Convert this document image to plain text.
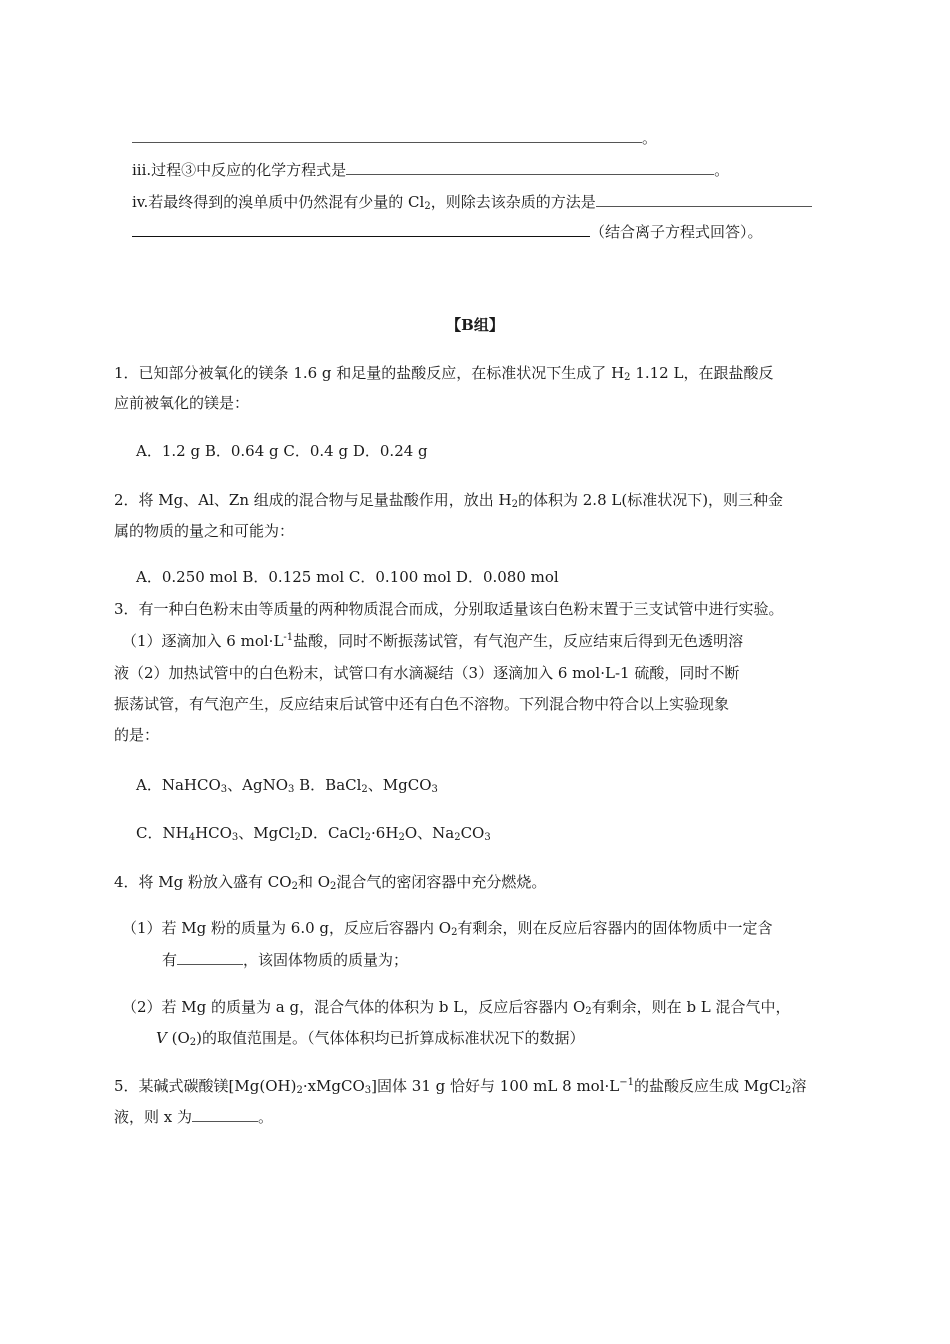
。
iii.过程③中反应的化学方程式是	。
iv.若最终得到的溴单质中仍然混有少量的 $Cl_2$，则除去该杂质的方法是
（结合离子方程式回答）。
【B组】
1．已知部分被氧化的镁条 1.6 g 和足量的盐酸反应，在标准状况下生成了 $H_2$ 1.12 L，在跟盐酸反
应前被氧化的镁是：
A．1.2 g B．0.64 g C．0.4 g D．0.24 g
2．将 Mg、Al、Zn 组成的混合物与足量盐酸作用，放出 $H_2$的体积为 2.8 L(标准状况下)，则三种金
属的物质的量之和可能为：
A．0.250 mol B．0.125 mol C．0.100 mol D．0.080 mol
3．有一种白色粉末由等质量的两种物质混合而成，分别取适量该白色粉末置于三支试管中进行实验。
（1）逐滴加入 6 $mol\cdot L^{-1}$盐酸，同时不断振荡试管，有气泡产生，反应结束后得到无色透明溶
液（2）加热试管中的白色粉末，试管口有水滴凝结（3）逐滴加入 6 mol·L-1 硫酸，同时不断
振荡试管，有气泡产生，反应结束后试管中还有白色不溶物。下列混合物中符合以上实验现象
的是：
A．NaHCO$_3$、AgNO$_3$ B．BaCl$_2$、MgCO$_3$
C．$NH_4HCO_3$、MgCl$_2$D．$CaCl_2\cdot 6H_2O$、$Na_2CO_3$
4．将 Mg 粉放入盛有 $CO_2$和 $O_2$混合气的密闭容器中充分燃烧。
（1）若 Mg 粉的质量为 6.0 g，反应后容器内 $O_2$有剩余，则在反应后容器内的固体物质中一定含
有	，该固体物质的质量为；
（2）若 Mg 的质量为 a g，混合气体的体积为 b L，反应后容器内 $O_2$有剩余，则在 b L 混合气中，
V $(O_2)$的取值范围是。（气体体积均已折算成标准状况下的数据）
5．某碱式碳酸镁$[Mg(OH)_2\cdot xMgCO_3]$固体 31 g 恰好与 100 mL 8 $mol\cdot L^{-1}$的盐酸反应生成 MgCl$_2$溶
液，则 x 为	。
